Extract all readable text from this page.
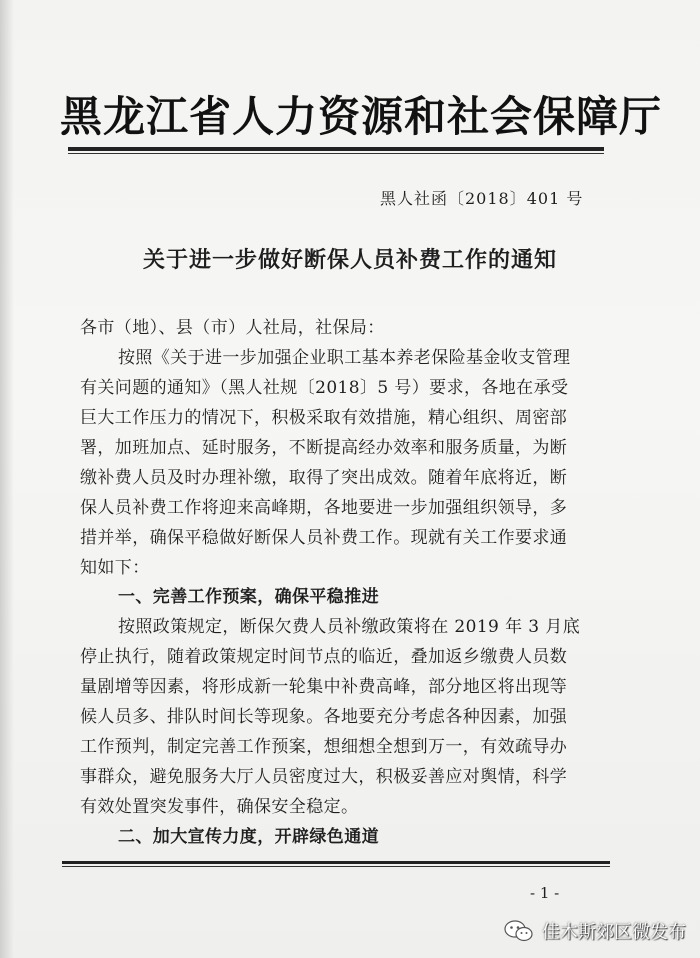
黑龙江省人力资源和社会保障厅
黑人社函〔2018〕401 号
关于进一步做好断保人员补费工作的通知
各市（地）、县（市）人社局，社保局：
按照《关于进一步加强企业职工基本养老保险基金收支管理
有关问题的通知》（黑人社规〔2018〕5 号）要求，各地在承受
巨大工作压力的情况下，积极采取有效措施，精心组织、周密部
署，加班加点、延时服务，不断提高经办效率和服务质量，为断
缴补费人员及时办理补缴，取得了突出成效。随着年底将近，断
保人员补费工作将迎来高峰期，各地要进一步加强组织领导，多
措并举，确保平稳做好断保人员补费工作。现就有关工作要求通
知如下：
一、完善工作预案，确保平稳推进
按照政策规定，断保欠费人员补缴政策将在 2019 年 3 月底
停止执行，随着政策规定时间节点的临近，叠加返乡缴费人员数
量剧增等因素，将形成新一轮集中补费高峰，部分地区将出现等
候人员多、排队时间长等现象。各地要充分考虑各种因素，加强
工作预判，制定完善工作预案，想细想全想到万一，有效疏导办
事群众，避免服务大厅人员密度过大，积极妥善应对舆情，科学
有效处置突发事件，确保安全稳定。
二、加大宣传力度，开辟绿色通道
- 1 -
佳木斯郊区微发布
